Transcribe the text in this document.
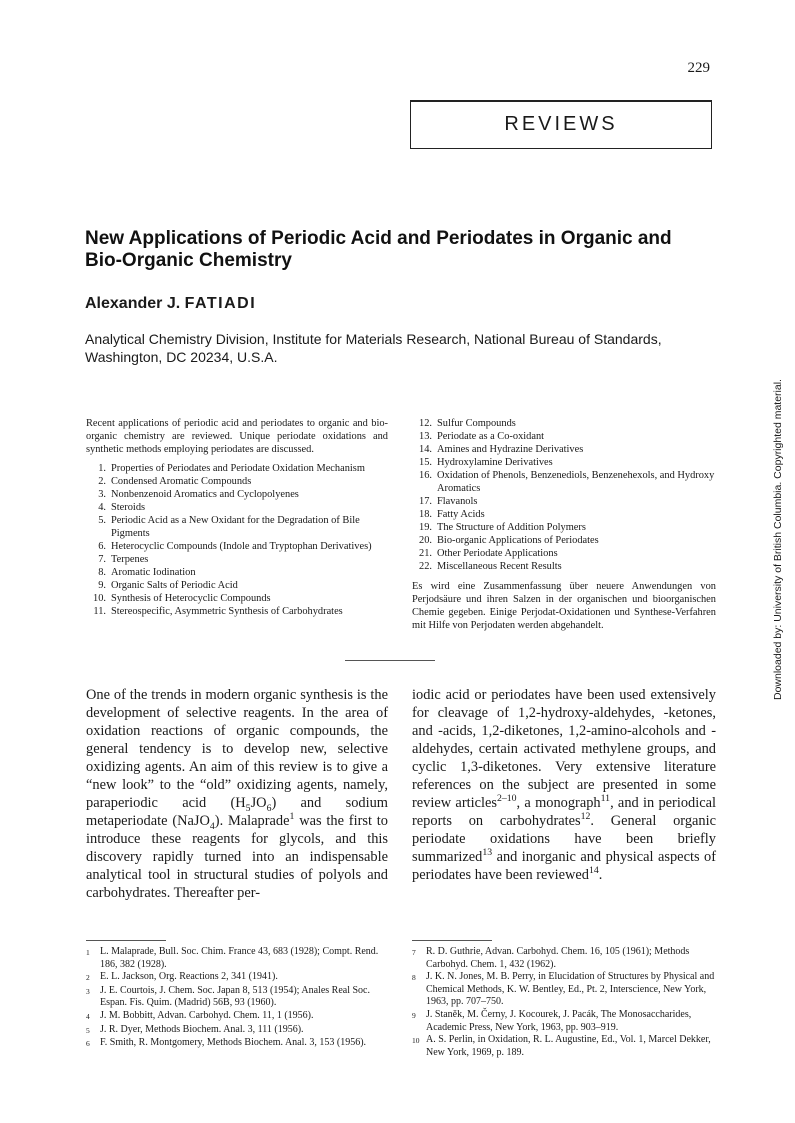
229
REVIEWS
New Applications of Periodic Acid and Periodates in Organic and Bio-Organic Chemistry
Alexander J. FATIADI
Analytical Chemistry Division, Institute for Materials Research, National Bureau of Standards, Washington, DC 20234, U.S.A.
Recent applications of periodic acid and periodates to organic and bio-organic chemistry are reviewed. Unique periodate oxidations and synthetic methods employing periodates are discussed.
1. Properties of Periodates and Periodate Oxidation Mechanism
2. Condensed Aromatic Compounds
3. Nonbenzenoid Aromatics and Cyclopolyenes
4. Steroids
5. Periodic Acid as a New Oxidant for the Degradation of Bile Pigments
6. Heterocyclic Compounds (Indole and Tryptophan Derivatives)
7. Terpenes
8. Aromatic Iodination
9. Organic Salts of Periodic Acid
10. Synthesis of Heterocyclic Compounds
11. Stereospecific, Asymmetric Synthesis of Carbohydrates
12. Sulfur Compounds
13. Periodate as a Co-oxidant
14. Amines and Hydrazine Derivatives
15. Hydroxylamine Derivatives
16. Oxidation of Phenols, Benzenediols, Benzenehexols, and Hydroxy Aromatics
17. Flavanols
18. Fatty Acids
19. The Structure of Addition Polymers
20. Bio-organic Applications of Periodates
21. Other Periodate Applications
22. Miscellaneous Recent Results
Es wird eine Zusammenfassung über neuere Anwendungen von Perjodsäure und ihren Salzen in der organischen und bioorganischen Chemie gegeben. Einige Perjodat-Oxidationen und Synthese-Verfahren mit Hilfe von Perjodaten werden abgehandelt.
One of the trends in modern organic synthesis is the development of selective reagents. In the area of oxidation reactions of organic compounds, the general tendency is to develop new, selective oxidizing agents. An aim of this review is to give a “new look” to the “old” oxidizing agents, namely, paraperiodic acid $(H_5JO_6)$ and sodium metaperiodate (NaJO$_4$). Malaprade$^1$ was the first to introduce these reagents for glycols, and this discovery rapidly turned into an indispensable analytical tool in structural studies of polyols and carbohydrates. Thereafter per-
iodic acid or periodates have been used extensively for cleavage of 1,2-hydroxy-aldehydes, -ketones, and -acids, 1,2-diketones, 1,2-amino-alcohols and -aldehydes, certain activated methylene groups, and cyclic 1,3-diketones. Very extensive literature references on the subject are presented in some review articles$^{2-10}$, a monograph$^{11}$, and in periodical reports on carbohydrates$^{12}$. General organic periodate oxidations have been briefly summarized$^{13}$ and inorganic and physical aspects of periodates have been reviewed$^{14}$.
1	L. Malaprade, Bull. Soc. Chim. France 43, 683 (1928); Compt. Rend. 186, 382 (1928).
2	E. L. Jackson, Org. Reactions 2, 341 (1941).
3	J. E. Courtois, J. Chem. Soc. Japan 8, 513 (1954); Anales Real Soc. Espan. Fis. Quim. (Madrid) 56B, 93 (1960).
4	J. M. Bobbitt, Advan. Carbohyd. Chem. 11, 1 (1956).
5	J. R. Dyer, Methods Biochem. Anal. 3, 111 (1956).
6	F. Smith, R. Montgomery, Methods Biochem. Anal. 3, 153 (1956).
7	R. D. Guthrie, Advan. Carbohyd. Chem. 16, 105 (1961); Methods Carbohyd. Chem. 1, 432 (1962).
8	J. K. N. Jones, M. B. Perry, in Elucidation of Structures by Physical and Chemical Methods, K. W. Bentley, Ed., Pt. 2, Interscience, New York, 1963, pp. 707–750.
9	J. Staněk, M. Černy, J. Kocourek, J. Pacák, The Monosaccharides, Academic Press, New York, 1963, pp. 903–919.
10 A. S. Perlin, in Oxidation, R. L. Augustine, Ed., Vol. 1, Marcel Dekker, New York, 1969, p. 189.
Downloaded by: University of British Columbia. Copyrighted material.
